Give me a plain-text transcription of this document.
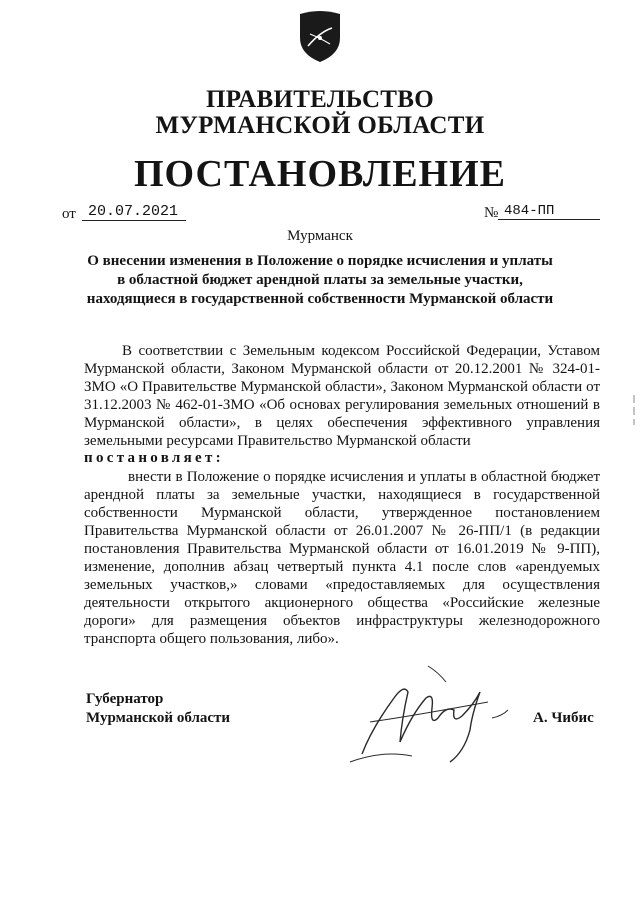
ПРАВИТЕЛЬСТВО
МУРМАНСКОЙ ОБЛАСТИ
ПОСТАНОВЛЕНИЕ
от 20.07.2021	№ 484-ПП
Мурманск
О внесении изменения в Положение о порядке исчисления и уплаты в областной бюджет арендной платы за земельные участки, находящиеся в государственной собственности Мурманской области
В соответствии с Земельным кодексом Российской Федерации, Уставом Мурманской области, Законом Мурманской области от 20.12.2001 № 324-01-ЗМО «О Правительстве Мурманской области», Законом Мурманской области от 31.12.2003 № 462-01-ЗМО «Об основах регулирования земельных отношений в Мурманской области», в целях обеспечения эффективного управления земельными ресурсами Правительство Мурманской области
постановляет:
внести в Положение о порядке исчисления и уплаты в областной бюджет арендной платы за земельные участки, находящиеся в государственной собственности Мурманской области, утвержденное постановлением Правительства Мурманской области от 26.01.2007 № 26-ПП/1 (в редакции постановления Правительства Мурманской области от 16.01.2019 № 9-ПП), изменение, дополнив абзац четвертый пункта 4.1 после слов «арендуемых земельных участков,» словами «предоставляемых для осуществления деятельности открытого акционерного общества «Российские железные дороги» для размещения объектов инфраструктуры железнодорожного транспорта общего пользования, либо».
Губернатор
Мурманской области	А. Чибис
